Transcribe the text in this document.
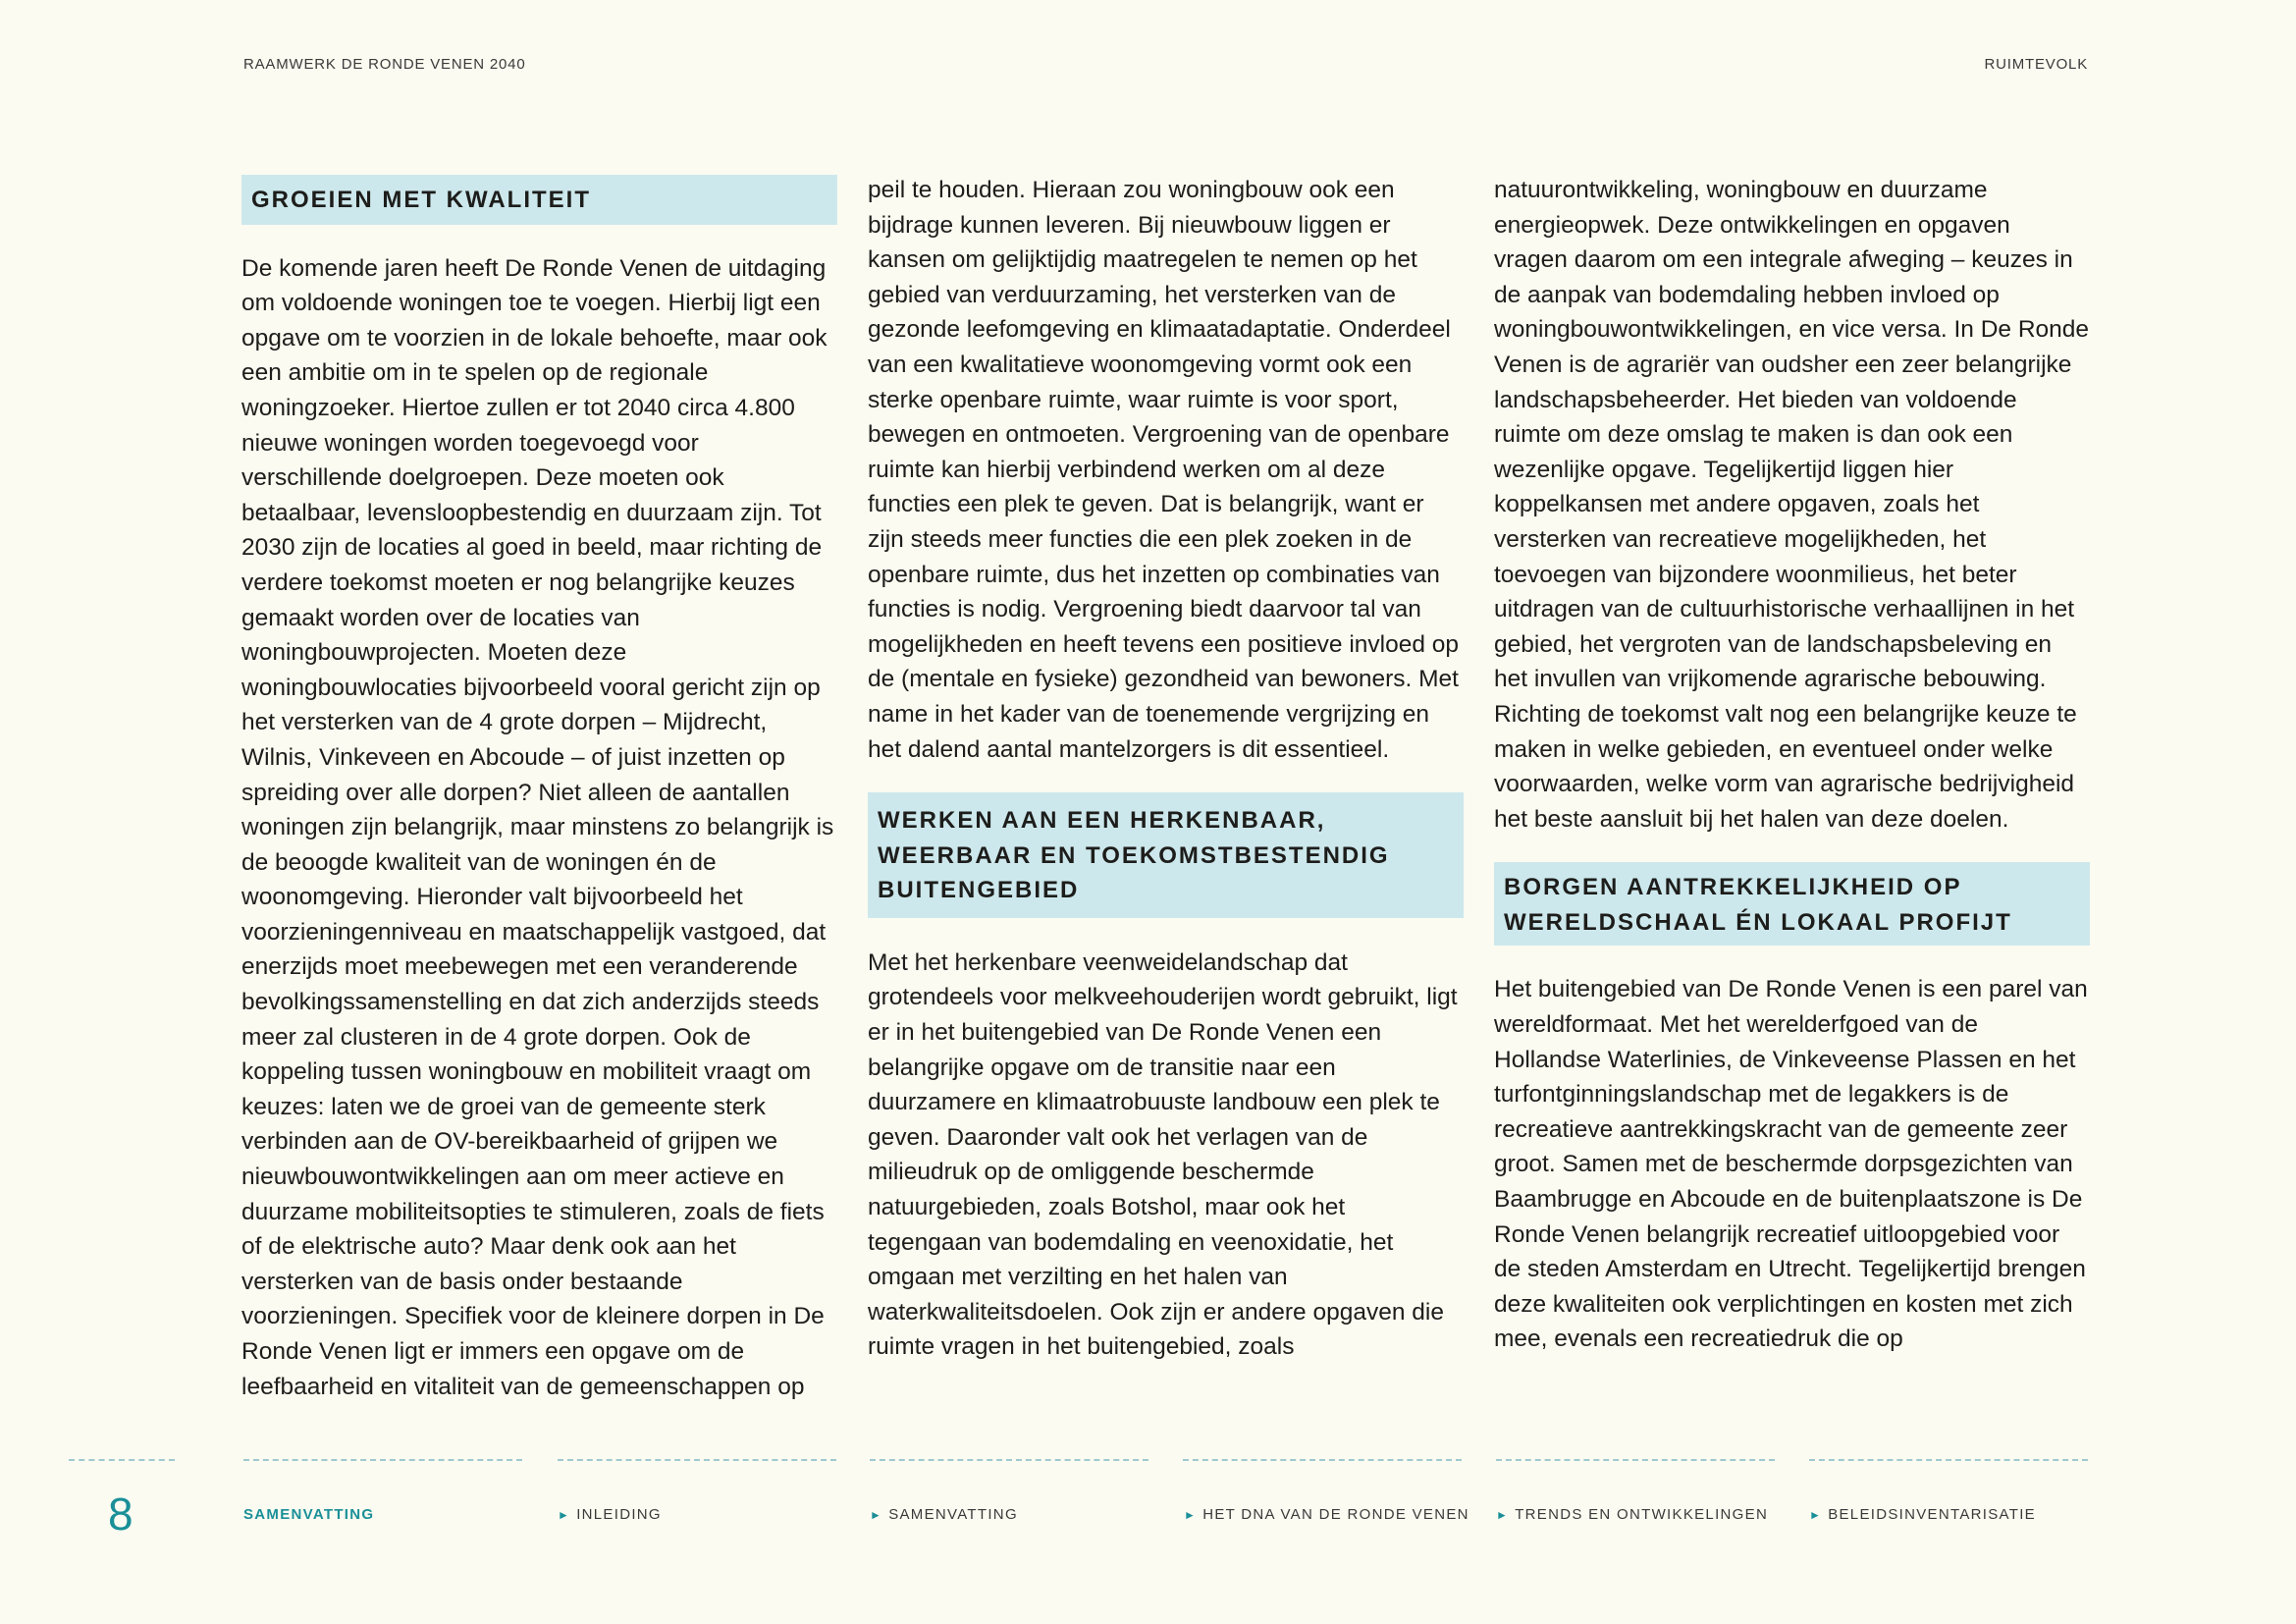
RAAMWERK DE RONDE VENEN 2040	RUIMTEVOLK
GROEIEN MET KWALITEIT

De komende jaren heeft De Ronde Venen de uitdaging om voldoende woningen toe te voegen. Hierbij ligt een opgave om te voorzien in de lokale behoefte, maar ook een ambitie om in te spelen op de regionale woningzoeker. Hiertoe zullen er tot 2040 circa 4.800 nieuwe woningen worden toegevoegd voor verschillende doelgroepen. Deze moeten ook betaalbaar, levensloopbestendig en duurzaam zijn. Tot 2030 zijn de locaties al goed in beeld, maar richting de verdere toekomst moeten er nog belangrijke keuzes gemaakt worden over de locaties van woningbouwprojecten. Moeten deze woningbouwlocaties bijvoorbeeld vooral gericht zijn op het versterken van de 4 grote dorpen – Mijdrecht, Wilnis, Vinkeveen en Abcoude – of juist inzetten op spreiding over alle dorpen? Niet alleen de aantallen woningen zijn belangrijk, maar minstens zo belangrijk is de beoogde kwaliteit van de woningen én de woonomgeving. Hieronder valt bijvoorbeeld het voorzieningenniveau en maatschappelijk vastgoed, dat enerzijds moet meebewegen met een veranderende bevolkingssamenstelling en dat zich anderzijds steeds meer zal clusteren in de 4 grote dorpen. Ook de koppeling tussen woningbouw en mobiliteit vraagt om keuzes: laten we de groei van de gemeente sterk verbinden aan de OV-bereikbaarheid of grijpen we nieuwbouwontwikkelingen aan om meer actieve en duurzame mobiliteitsopties te stimuleren, zoals de fiets of de elektrische auto? Maar denk ook aan het versterken van de basis onder bestaande voorzieningen. Specifiek voor de kleinere dorpen in De Ronde Venen ligt er immers een opgave om de leefbaarheid en vitaliteit van de gemeenschappen op

peil te houden. Hieraan zou woningbouw ook een bijdrage kunnen leveren. Bij nieuwbouw liggen er kansen om gelijktijdig maatregelen te nemen op het gebied van verduurzaming, het versterken van de gezonde leefomgeving en klimaatadaptatie. Onderdeel van een kwalitatieve woonomgeving vormt ook een sterke openbare ruimte, waar ruimte is voor sport, bewegen en ontmoeten. Vergroening van de openbare ruimte kan hierbij verbindend werken om al deze functies een plek te geven. Dat is belangrijk, want er zijn steeds meer functies die een plek zoeken in de openbare ruimte, dus het inzetten op combinaties van functies is nodig. Vergroening biedt daarvoor tal van mogelijkheden en heeft tevens een positieve invloed op de (mentale en fysieke) gezondheid van bewoners. Met name in het kader van de toenemende vergrijzing en het dalend aantal mantelzorgers is dit essentieel.

WERKEN AAN EEN HERKENBAAR, WEERBAAR EN TOEKOMSTBESTENDIG BUITENGEBIED

Met het herkenbare veenweidelandschap dat grotendeels voor melkveehouderijen wordt gebruikt, ligt er in het buitengebied van De Ronde Venen een belangrijke opgave om de transitie naar een duurzamere en klimaatrobuuste landbouw een plek te geven. Daaronder valt ook het verlagen van de milieudruk op de omliggende beschermde natuurgebieden, zoals Botshol, maar ook het tegengaan van bodemdaling en veenoxidatie, het omgaan met verzilting en het halen van waterkwaliteitsdoelen. Ook zijn er andere opgaven die ruimte vragen in het buitengebied, zoals

natuurontwikkeling, woningbouw en duurzame energieopwek. Deze ontwikkelingen en opgaven vragen daarom om een integrale afweging – keuzes in de aanpak van bodemdaling hebben invloed op woningbouwontwikkelingen, en vice versa. In De Ronde Venen is de agrariër van oudsher een zeer belangrijke landschapsbeheerder. Het bieden van voldoende ruimte om deze omslag te maken is dan ook een wezenlijke opgave. Tegelijkertijd liggen hier koppelkansen met andere opgaven, zoals het versterken van recreatieve mogelijkheden, het toevoegen van bijzondere woonmilieus, het beter uitdragen van de cultuurhistorische verhaallijnen in het gebied, het vergroten van de landschapsbeleving en het invullen van vrijkomende agrarische bebouwing. Richting de toekomst valt nog een belangrijke keuze te maken in welke gebieden, en eventueel onder welke voorwaarden, welke vorm van agrarische bedrijvigheid het beste aansluit bij het halen van deze doelen.

BORGEN AANTREKKELIJKHEID OP WERELDSCHAAL ÉN LOKAAL PROFIJT

Het buitengebied van De Ronde Venen is een parel van wereldformaat. Met het werelderfgoed van de Hollandse Waterlinies, de Vinkeveense Plassen en het turfontginningslandschap met de legakkers is de recreatieve aantrekkingskracht van de gemeente zeer groot. Samen met de beschermde dorpsgezichten van Baambrugge en Abcoude en de buitenplaatszone is De Ronde Venen belangrijk recreatief uitloopgebied voor de steden Amsterdam en Utrecht. Tegelijkertijd brengen deze kwaliteiten ook verplichtingen en kosten met zich mee, evenals een recreatiedruk die op

8	SAMENVATTING	► INLEIDING	► SAMENVATTING	► HET DNA VAN DE RONDE VENEN ► TRENDS EN ONTWIKKELINGEN	► BELEIDSINVENTARISATIE
